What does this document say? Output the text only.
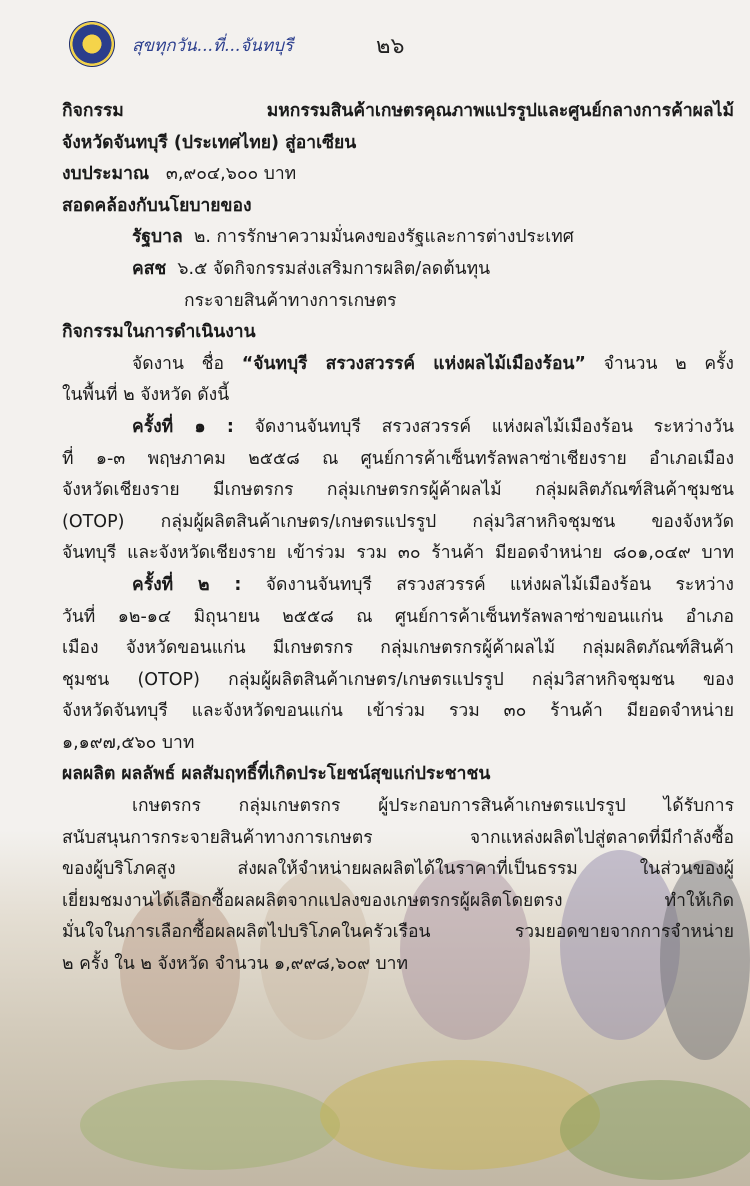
สุขทุกวัน...ที่...จันทบุรี	๒๖
กิจกรรม	มหกรรมสินค้าเกษตรคุณภาพแปรรูปและศูนย์กลางการค้าผลไม้
จังหวัดจันทบุรี (ประเทศไทย) สู่อาเซียน
งบประมาณ ๓,๙๐๔,๖๐๐ บาท
สอดคล้องกับนโยบายของ
รัฐบาล ๒. การรักษาความมั่นคงของรัฐและการต่างประเทศ
คสช ๖.๕ จัดกิจกรรมส่งเสริมการผลิต/ลดต้นทุน
กระจายสินค้าทางการเกษตร
กิจกรรมในการดำเนินงาน
จัดงาน ชื่อ “จันทบุรี สรวงสวรรค์ แห่งผลไม้เมืองร้อน” จำนวน ๒ ครั้ง
ในพื้นที่ ๒ จังหวัด ดังนี้
ครั้งที่ ๑ : จัดงานจันทบุรี สรวงสวรรค์ แห่งผลไม้เมืองร้อน ระหว่างวัน
ที่ ๑-๓ พฤษภาคม ๒๕๕๘ ณ ศูนย์การค้าเซ็นทรัลพลาซ่าเชียงราย อำเภอเมือง
จังหวัดเชียงราย มีเกษตรกร กลุ่มเกษตรกรผู้ค้าผลไม้ กลุ่มผลิตภัณฑ์สินค้าชุมชน
(OTOP) กลุ่มผู้ผลิตสินค้าเกษตร/เกษตรแปรรูป กลุ่มวิสาหกิจชุมชน ของจังหวัด
จันทบุรี และจังหวัดเชียงราย เข้าร่วม รวม ๓๐ ร้านค้า มียอดจำหน่าย ๘๐๑,๐๔๙ บาท
ครั้งที่ ๒ : จัดงานจันทบุรี สรวงสวรรค์ แห่งผลไม้เมืองร้อน ระหว่าง
วันที่ ๑๒-๑๔ มิถุนายน ๒๕๕๘ ณ ศูนย์การค้าเซ็นทรัลพลาซ่าขอนแก่น อำเภอ
เมือง จังหวัดขอนแก่น มีเกษตรกร กลุ่มเกษตรกรผู้ค้าผลไม้ กลุ่มผลิตภัณฑ์สินค้า
ชุมชน (OTOP) กลุ่มผู้ผลิตสินค้าเกษตร/เกษตรแปรรูป กลุ่มวิสาหกิจชุมชน ของ
จังหวัดจันทบุรี และจังหวัดขอนแก่น เข้าร่วม รวม ๓๐ ร้านค้า มียอดจำหน่าย
๑,๑๙๗,๕๖๐ บาท
ผลผลิต ผลลัพธ์ ผลสัมฤทธิ์ที่เกิดประโยชน์สุขแก่ประชาชน
เกษตรกร กลุ่มเกษตรกร ผู้ประกอบการสินค้าเกษตรแปรรูป ได้รับการ
สนับสนุนการกระจายสินค้าทางการเกษตร จากแหล่งผลิตไปสู่ตลาดที่มีกำลังซื้อ
ของผู้บริโภคสูง ส่งผลให้จำหน่ายผลผลิตได้ในราคาที่เป็นธรรม ในส่วนของผู้
เยี่ยมชมงานได้เลือกซื้อผลผลิตจากแปลงของเกษตรกรผู้ผลิตโดยตรง ทำให้เกิด
มั่นใจในการเลือกซื้อผลผลิตไปบริโภคในครัวเรือน รวมยอดขายจากการจำหน่าย
๒ ครั้ง ใน ๒ จังหวัด จำนวน ๑,๙๙๘,๖๐๙ บาท
